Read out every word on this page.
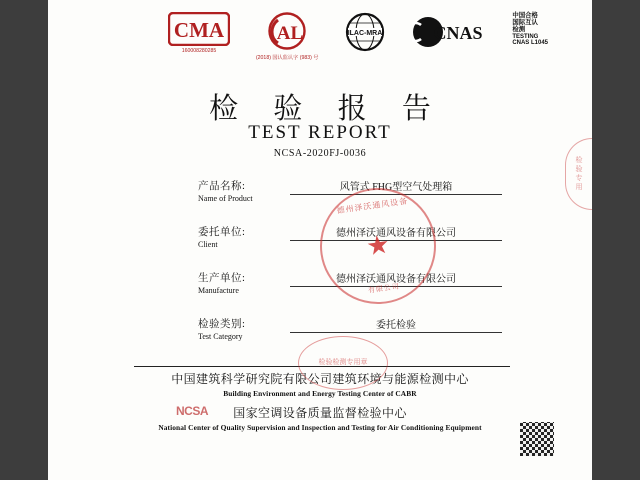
CMA
160008280285
AL
(2018) 国认监认字 (983) 号
ILAC-MRA	CNAS
中国合格
国际互认
检测
TESTING
CNAS L1045
检 验 报 告
TEST REPORT
NCSA-2020FJ-0036
产品名称:
Name of Product
风管式 FHG型空气处理箱
委托单位:
Client
德州泽沃通风设备有限公司
生产单位:
Manufacture
德州泽沃通风设备有限公司
检验类别:
Test Category
委托检验
中国建筑科学研究院有限公司建筑环境与能源检测中心
Building Environment and Energy Testing Center of CABR
国家空调设备质量监督检验中心
National Center of Quality Supervision and Inspection and Testing for Air Conditioning Equipment
德州泽沃通风设备
★
有限公司
检验检测专用章
检验专用
NCSA
